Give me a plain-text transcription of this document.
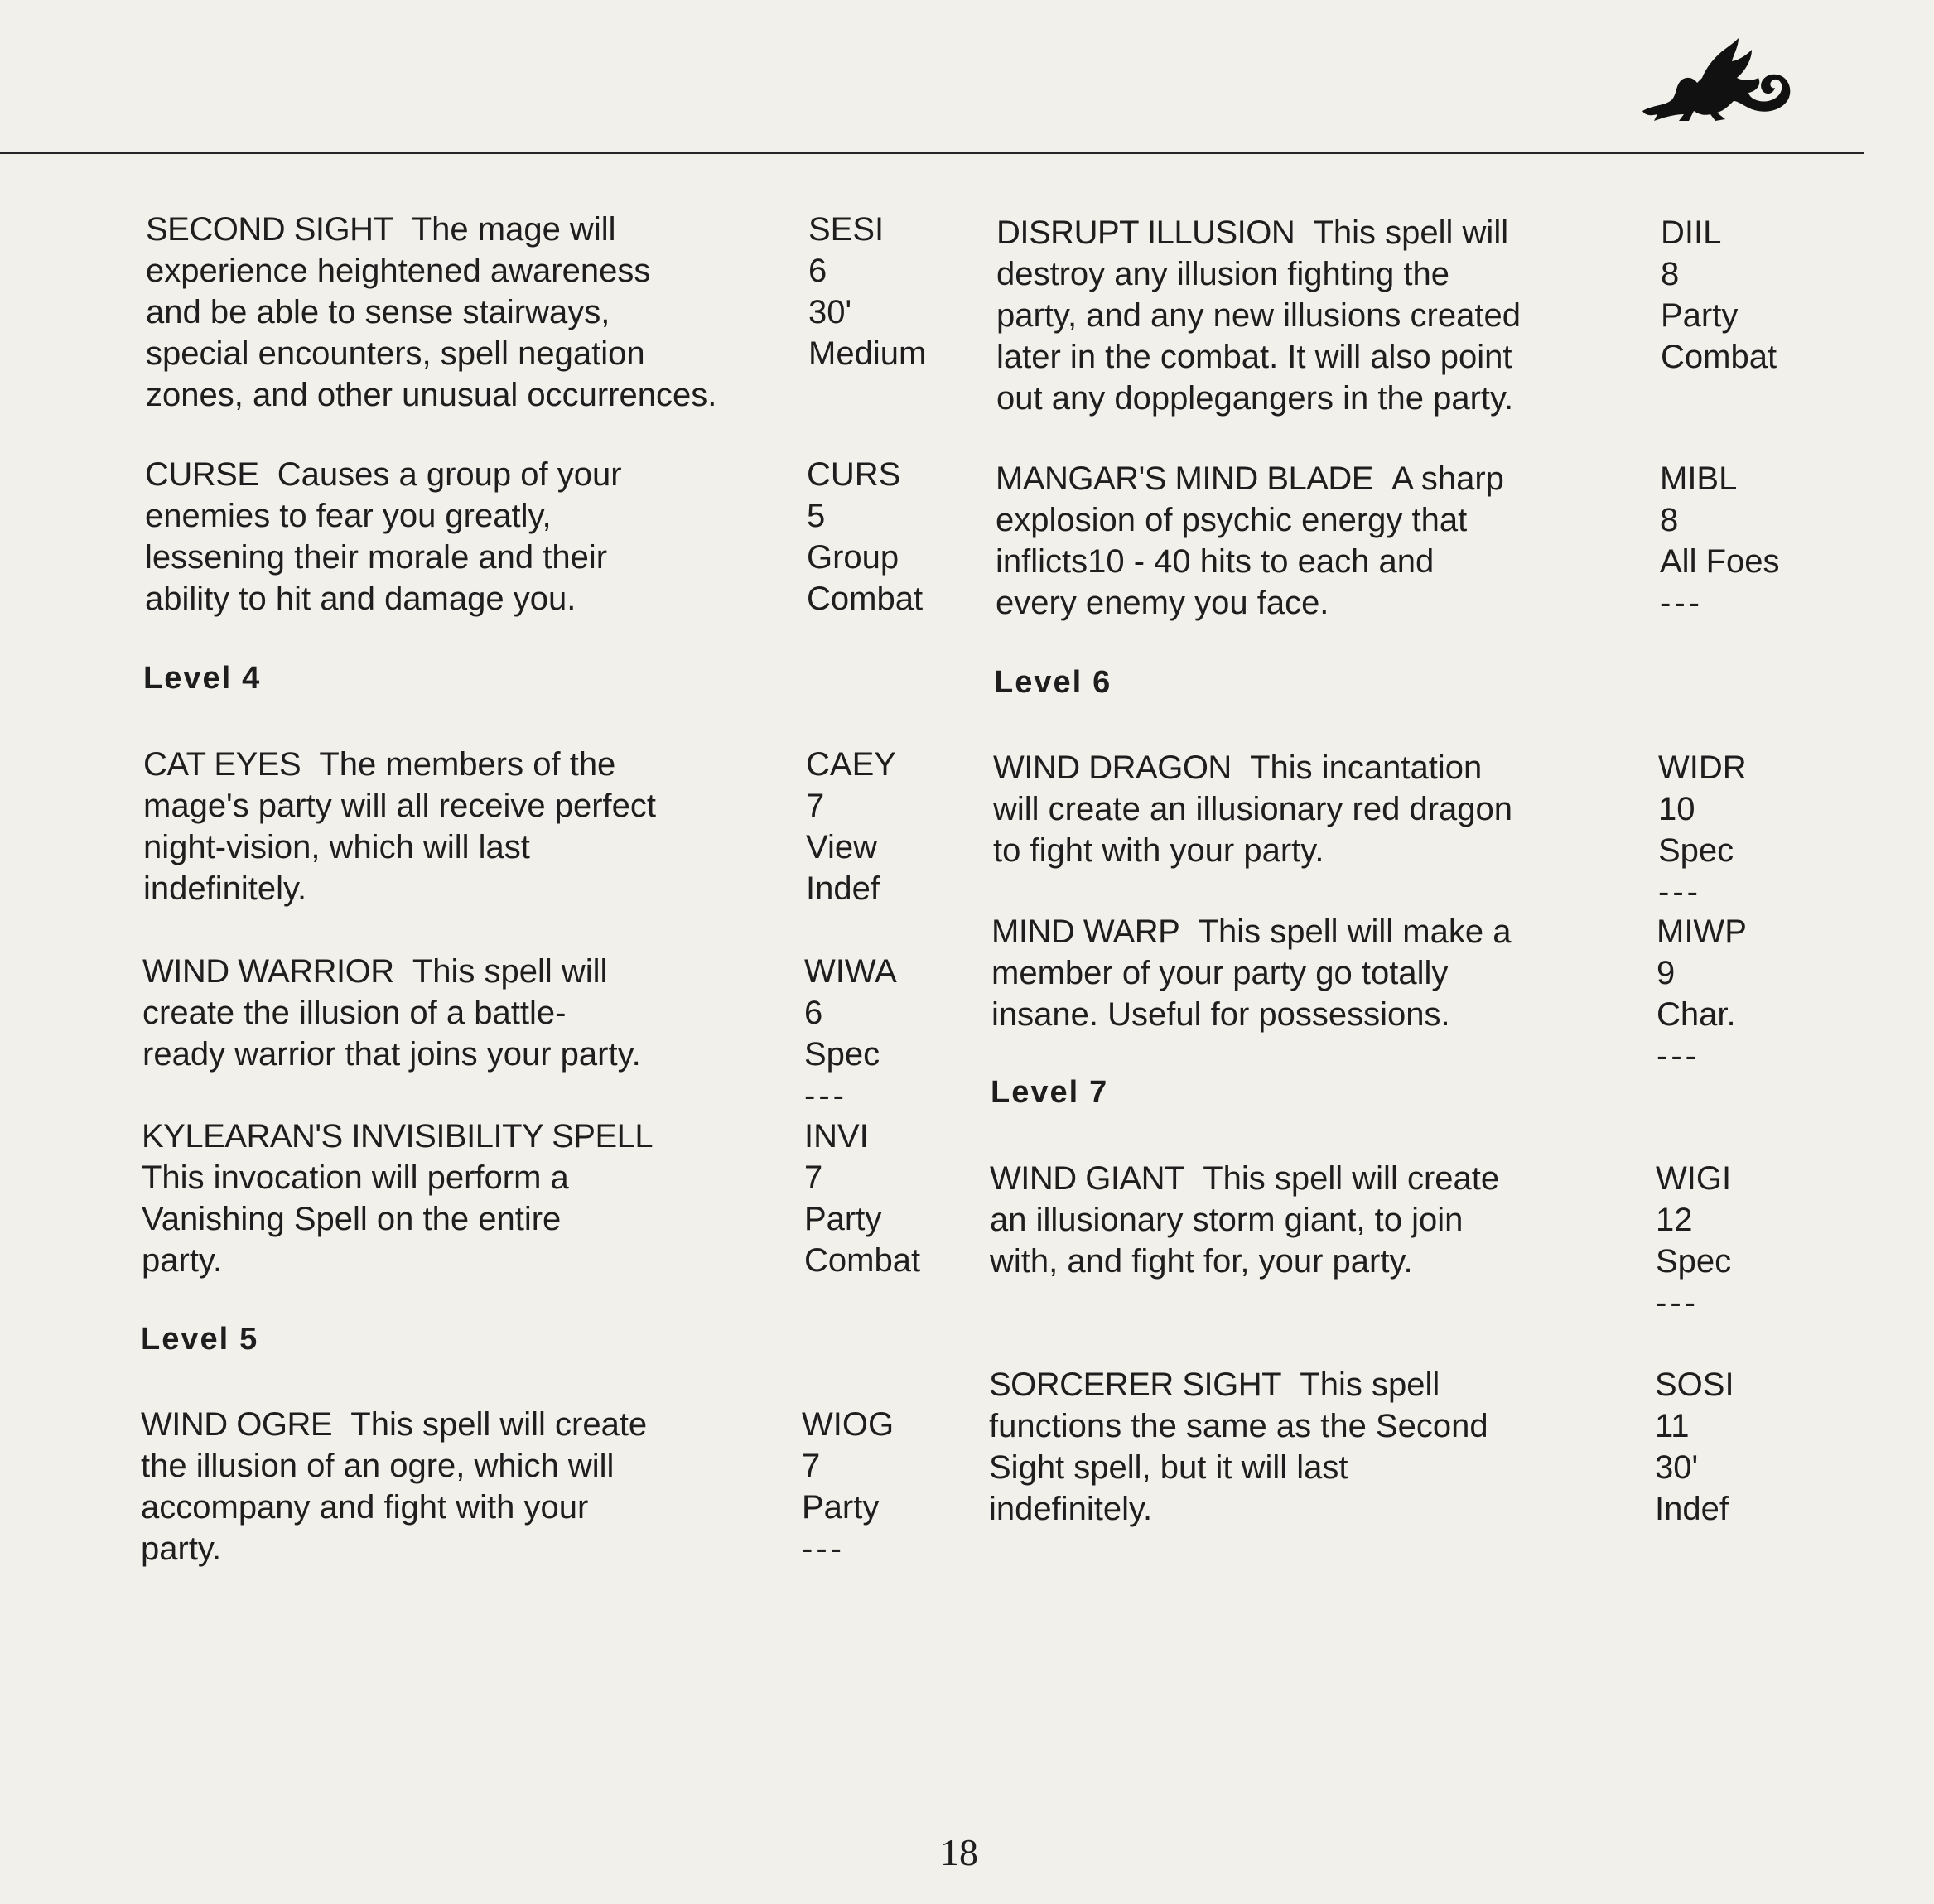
SECOND SIGHT The mage will
experience heightened awareness
and be able to sense stairways,
special encounters, spell negation
zones, and other unusual occurrences.
SESI
6
30'
Medium
CURSE Causes a group of your
enemies to fear you greatly,
lessening their morale and their
ability to hit and damage you.
CURS
5
Group
Combat
Level 4
CAT EYES The members of the
mage's party will all receive perfect
night-vision, which will last
indefinitely.
CAEY
7
View
Indef
WIND WARRIOR This spell will
create the illusion of a battle-
ready warrior that joins your party.
WIWA
6
Spec
---
KYLEARAN'S INVISIBILITY SPELL
This invocation will perform a
Vanishing Spell on the entire
party.
INVI
7
Party
Combat
Level 5
WIND OGRE This spell will create
the illusion of an ogre, which will
accompany and fight with your
party.
WIOG
7
Party
---
DISRUPT ILLUSION This spell will
destroy any illusion fighting the
party, and any new illusions created
later in the combat. It will also point
out any dopplegangers in the party.
DIIL
8
Party
Combat
MANGAR'S MIND BLADE A sharp
explosion of psychic energy that
inflicts10 - 40 hits to each and
every enemy you face.
MIBL
8
All Foes
---
Level 6
WIND DRAGON This incantation
will create an illusionary red dragon
to fight with your party.
WIDR
10
Spec
---
MIND WARP This spell will make a
member of your party go totally
insane. Useful for possessions.
MIWP
9
Char.
---
Level 7
WIND GIANT This spell will create
an illusionary storm giant, to join
with, and fight for, your party.
WIGI
12
Spec
---
SORCERER SIGHT This spell
functions the same as the Second
Sight spell, but it will last
indefinitely.
SOSI
11
30'
Indef
18
